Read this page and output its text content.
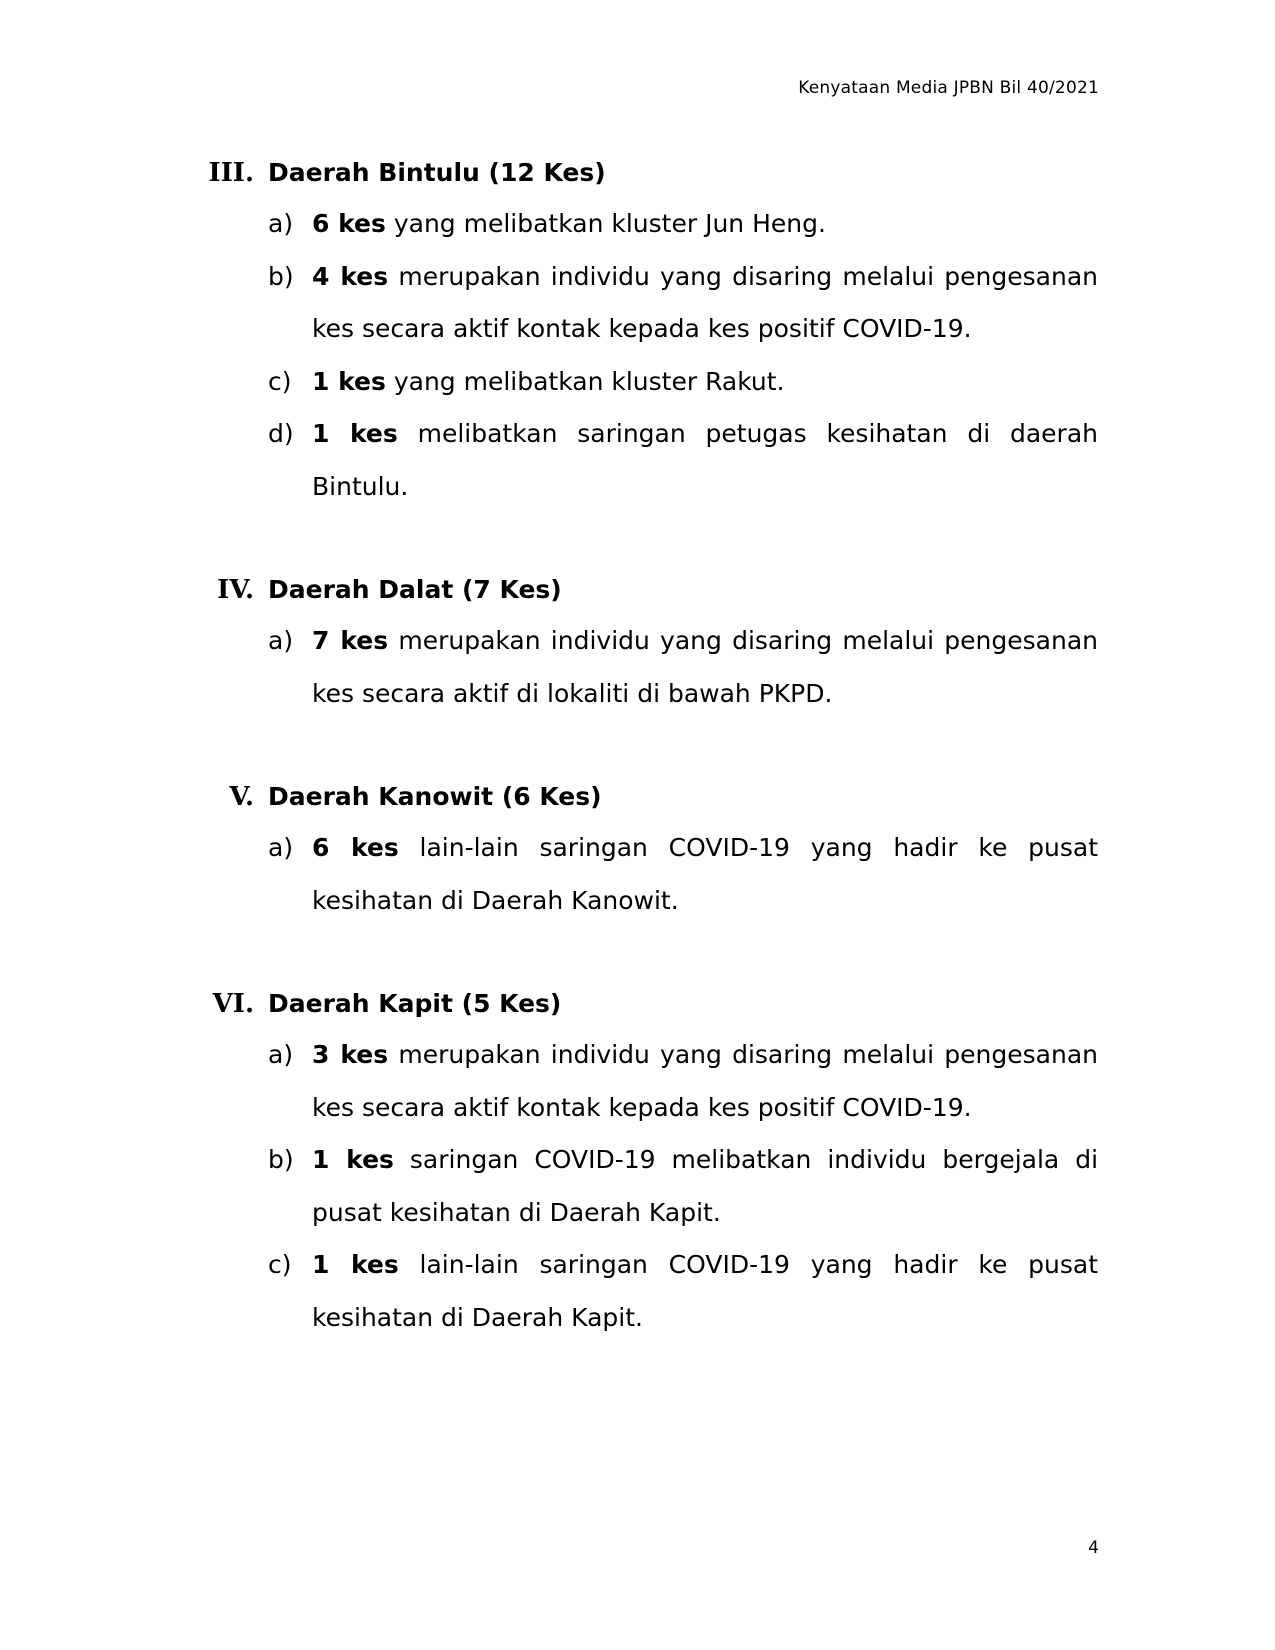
Kenyataan Media JPBN Bil 40/2021
III. Daerah Bintulu (12 Kes)
a) 6 kes yang melibatkan kluster Jun Heng.
b) 4 kes merupakan individu yang disaring melalui pengesanan kes secara aktif kontak kepada kes positif COVID-19.
c) 1 kes yang melibatkan kluster Rakut.
d) 1 kes melibatkan saringan petugas kesihatan di daerah Bintulu.
IV. Daerah Dalat (7 Kes)
a) 7 kes merupakan individu yang disaring melalui pengesanan kes secara aktif di lokaliti di bawah PKPD.
V. Daerah Kanowit (6 Kes)
a) 6 kes lain-lain saringan COVID-19 yang hadir ke pusat kesihatan di Daerah Kanowit.
VI. Daerah Kapit (5 Kes)
a) 3 kes merupakan individu yang disaring melalui pengesanan kes secara aktif kontak kepada kes positif COVID-19.
b) 1 kes saringan COVID-19 melibatkan individu bergejala di pusat kesihatan di Daerah Kapit.
c) 1 kes lain-lain saringan COVID-19 yang hadir ke pusat kesihatan di Daerah Kapit.
4
